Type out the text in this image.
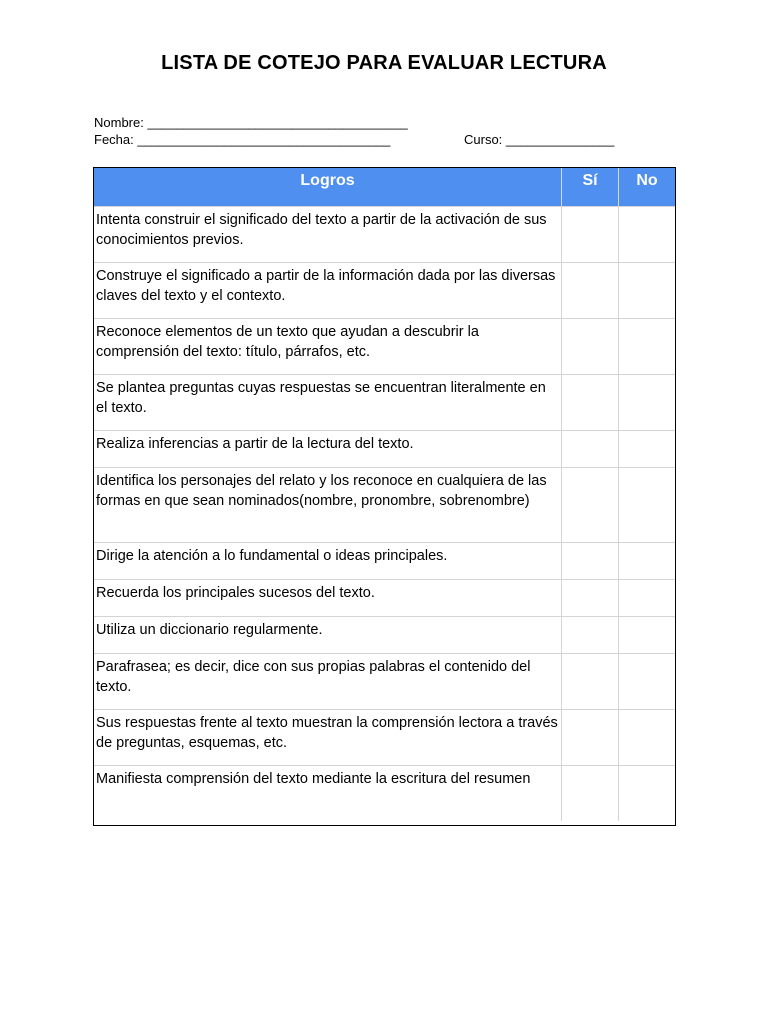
LISTA DE COTEJO PARA EVALUAR LECTURA
Nombre: ____________________________________
Fecha: ___________________________________	Curso: _______________
Logros	Sí	No
Intenta construir el significado del texto a partir de la activación de sus conocimientos previos.
Construye el significado a partir de la información dada por las diversas claves del texto y el contexto.
Reconoce elementos de un texto que ayudan a descubrir la comprensión del texto: título, párrafos, etc.
Se plantea preguntas cuyas respuestas se encuentran literalmente en el texto.
Realiza inferencias a partir de la lectura del texto.
Identifica los personajes del relato y los reconoce en cualquiera de las formas en que sean nominados(nombre, pronombre, sobrenombre)
Dirige la atención a lo fundamental o ideas principales.
Recuerda los principales sucesos del texto.
Utiliza un diccionario regularmente.
Parafrasea; es decir, dice con sus propias palabras el contenido del texto.
Sus respuestas frente al texto muestran la comprensión lectora a través de preguntas, esquemas, etc.
Manifiesta comprensión del texto mediante la escritura del resumen
